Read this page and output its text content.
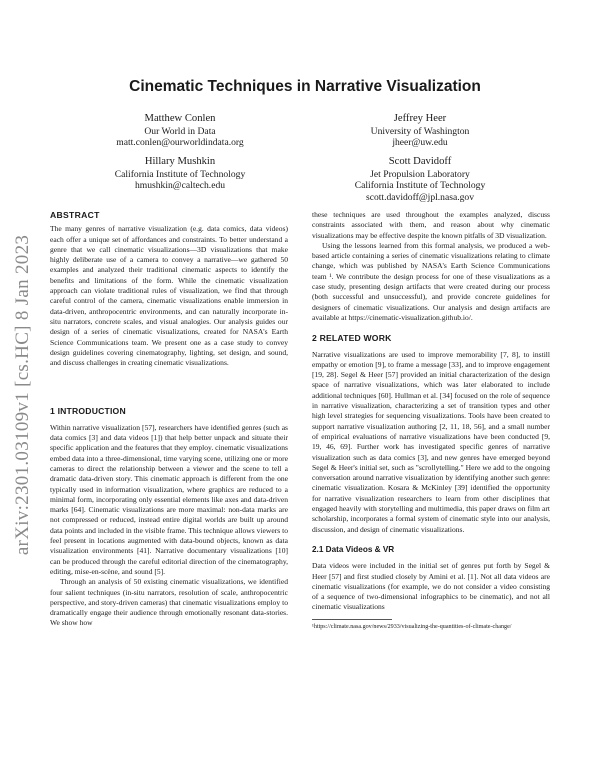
arXiv:2301.03109v1 [cs.HC] 8 Jan 2023
Cinematic Techniques in Narrative Visualization
Matthew Conlen
Our World in Data
matt.conlen@ourworldindata.org
Jeffrey Heer
University of Washington
jheer@uw.edu
Hillary Mushkin
California Institute of Technology
hmushkin@caltech.edu
Scott Davidoff
Jet Propulsion Laboratory
California Institute of Technology
scott.davidoff@jpl.nasa.gov
ABSTRACT

The many genres of narrative visualization (e.g. data comics, data videos) each offer a unique set of affordances and constraints. To better understand a genre that we call cinematic visualizations—3D visualizations that make highly deliberate use of a camera to convey a narrative—we gathered 50 examples and analyzed their traditional cinematic aspects to identify the benefits and limitations of the form. While the cinematic visualization approach can violate traditional rules of visualization, we find that through careful control of the camera, cinematic visualizations enable immersion in data-driven, anthropocentric environments, and can naturally incorporate in-situ narrators, concrete scales, and visual analogies. Our analysis guides our design of a series of cinematic visualizations, created for NASA's Earth Science Communications team. We present one as a case study to convey design guidelines covering cinematography, lighting, set design, and sound, and discuss challenges in creating cinematic visualizations.

1 INTRODUCTION

Within narrative visualization [57], researchers have identified genres (such as data comics [3] and data videos [1]) that help better unpack and situate their specific application and the features that they employ. cinematic visualizations embed data into a three-dimensional, time varying scene, utilizing one or more cameras to direct the relationship between a viewer and the scene to tell a dramatic data-driven story. This cinematic approach is different from the one typically used in information visualization, where graphics are reduced to a minimal form, incorporating only essential elements like axes and data-driven marks [64]. Cinematic visualizations are more maximal: non-data marks are not compressed or reduced, instead entire digital worlds are built up around data points and included in the visible frame. This technique allows viewers to feel present in locations augmented with data-bound objects, known as data visualization environments [41]. Narrative documentary visualizations [10] can be produced through the careful editorial direction of the cinematography, editing, mise-en-scène, and sound [5].

Through an analysis of 50 existing cinematic visualizations, we identified four salient techniques (in-situ narrators, resolution of scale, anthropocentric perspective, and story-driven cameras) that cinematic visualizations employ to dramatically engage their audience through emotionally resonant data-stories. We show how

these techniques are used throughout the examples analyzed, discuss constraints associated with them, and reason about why cinematic visualizations may be effective despite the known pitfalls of 3D visualization.

Using the lessons learned from this formal analysis, we produced a web-based article containing a series of cinematic visualizations relating to climate change, which was published by NASA's Earth Science Communications team ¹. We contribute the design process for one of these visualizations as a case study, presenting design artifacts that were created during our process (both successful and unsuccessful), and provide concrete guidelines for designers of cinematic visualizations. Our analysis and design artifacts are available at https://cinematic-visualization.github.io/.

2 RELATED WORK

Narrative visualizations are used to improve memorability [7, 8], to instill empathy or emotion [9], to frame a message [33], and to improve engagement [19, 28]. Segel & Heer [57] provided an initial characterization of the design space of narrative visualizations, which was later elaborated to include additional techniques [60]. Hullman et al. [34] focused on the role of sequence in narrative visualization, characterizing a set of transition types and other high level strategies for sequencing visualizations. Tools have been created to support narrative visualization authoring [2, 11, 18, 56], and a small number of empirical evaluations of narrative visualizations have been conducted [9, 19, 46, 69]. Further work has investigated specific genres of narrative visualization such as data comics [3], and new genres have emerged beyond Segel & Heer's initial set, such as "scrollytelling." Here we add to the ongoing conversation around narrative visualization by identifying another such genre: cinematic visualization. Kosara & McKinley [39] identified the opportunity for narrative visualization researchers to learn from other disciplines that engaged heavily with storytelling and multimedia, this paper draws on film art scholarship, incorporates a formal system of cinematic style into our analysis, discussion, and design of cinematic visualizations.

2.1 Data Videos & VR

Data videos were included in the initial set of genres put forth by Segel & Heer [57] and first studied closely by Amini et al. [1]. Not all data videos are cinematic visualizations (for example, we do not consider a video consisting of a sequence of two-dimensional infographics to be cinematic), and not all cinematic visualizations

¹https://climate.nasa.gov/news/2933/visualizing-the-quantities-of-climate-change/
